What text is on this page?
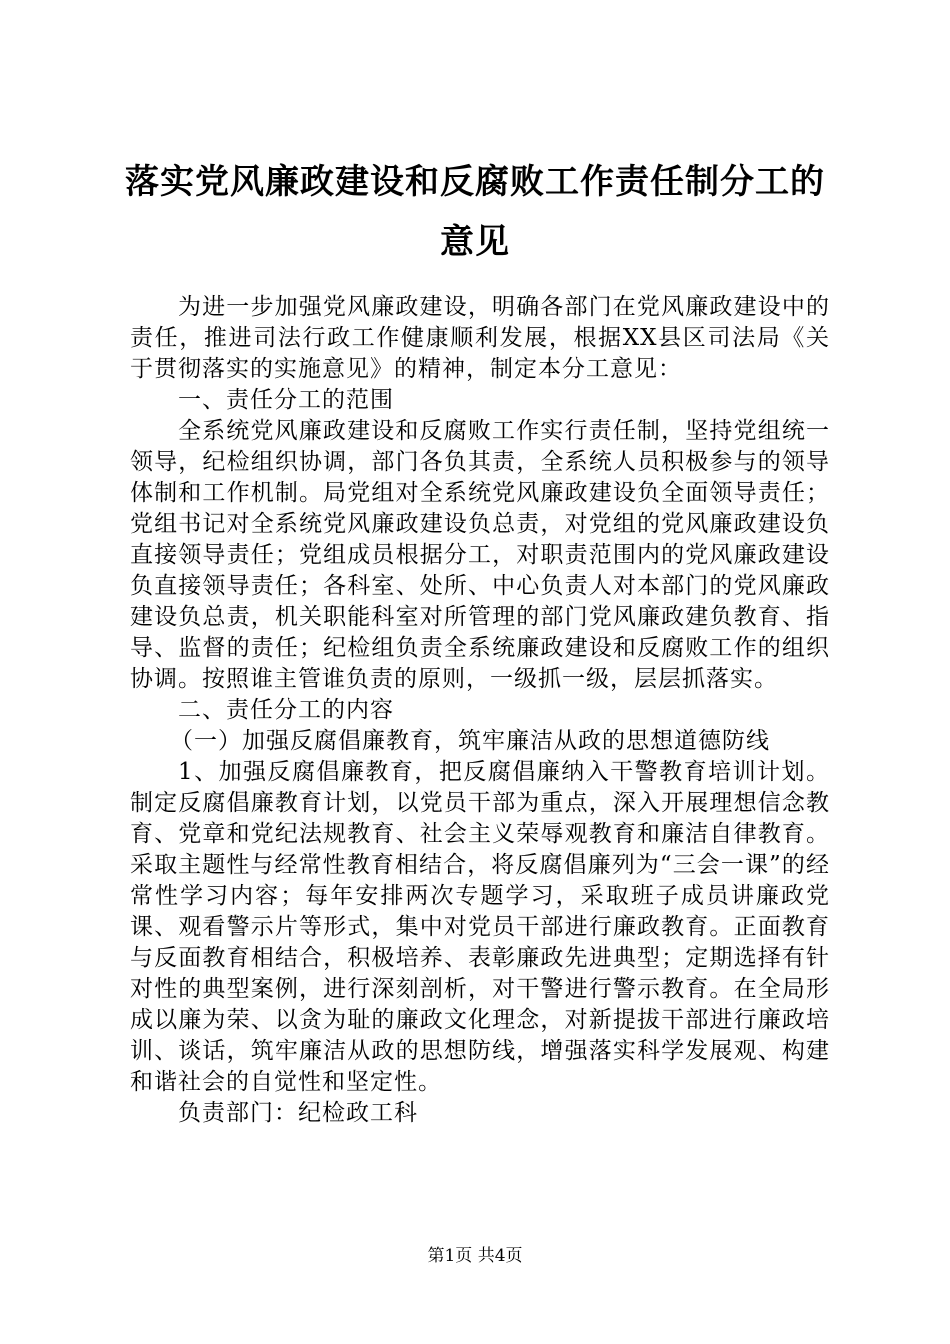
落实党风廉政建设和反腐败工作责任制分工的
意见

为进一步加强党风廉政建设，明确各部门在党风廉政建设中的责任，推进司法行政工作健康顺利发展，根据XX县区司法局《关于贯彻落实的实施意见》的精神，制定本分工意见：

一、责任分工的范围

全系统党风廉政建设和反腐败工作实行责任制，坚持党组统一领导，纪检组织协调，部门各负其责，全系统人员积极参与的领导体制和工作机制。局党组对全系统党风廉政建设负全面领导责任；党组书记对全系统党风廉政建设负总责，对党组的党风廉政建设负直接领导责任；党组成员根据分工，对职责范围内的党风廉政建设负直接领导责任；各科室、处所、中心负责人对本部门的党风廉政建设负总责，机关职能科室对所管理的部门党风廉政建负教育、指导、监督的责任；纪检组负责全系统廉政建设和反腐败工作的组织协调。按照谁主管谁负责的原则，一级抓一级，层层抓落实。

二、责任分工的内容

（一）加强反腐倡廉教育，筑牢廉洁从政的思想道德防线

1、加强反腐倡廉教育，把反腐倡廉纳入干警教育培训计划。制定反腐倡廉教育计划，以党员干部为重点，深入开展理想信念教育、党章和党纪法规教育、社会主义荣辱观教育和廉洁自律教育。采取主题性与经常性教育相结合，将反腐倡廉列为“三会一课”的经常性学习内容；每年安排两次专题学习，采取班子成员讲廉政党课、观看警示片等形式，集中对党员干部进行廉政教育。正面教育与反面教育相结合，积极培养、表彰廉政先进典型；定期选择有针对性的典型案例，进行深刻剖析，对干警进行警示教育。在全局形成以廉为荣、以贪为耻的廉政文化理念，对新提拔干部进行廉政培训、谈话，筑牢廉洁从政的思想防线，增强落实科学发展观、构建和谐社会的自觉性和坚定性。

负责部门：纪检政工科

第1页 共4页
